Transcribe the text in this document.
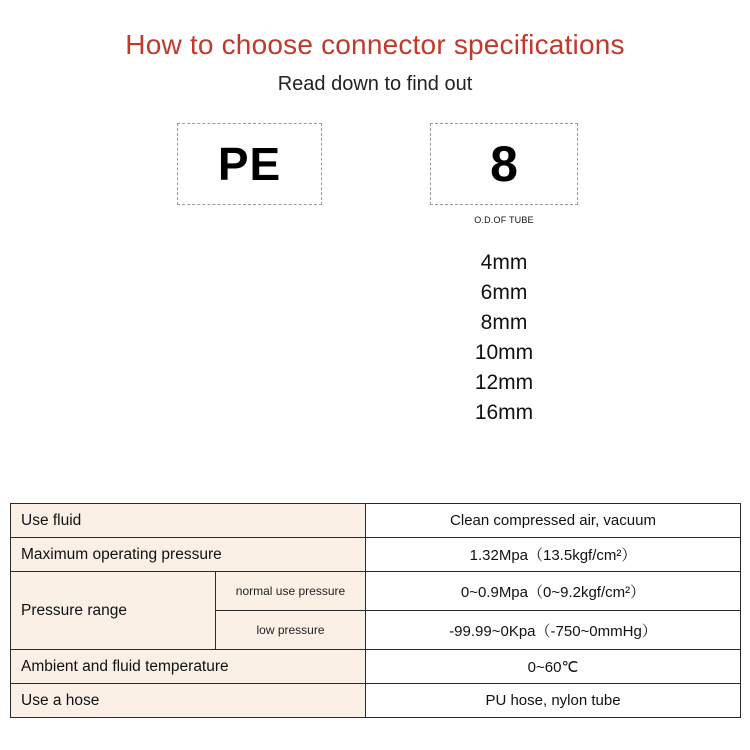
How to choose connector specifications

Read down to find out

PE	8
O.D.OF TUBE
4mm
6mm
8mm
10mm
12mm
16mm
Use fluid		Clean compressed air, vacuum
Maximum operating pressure		1.32Mpa（13.5kgf/cm²）
Pressure range	normal use pressure	0~0.9Mpa（0~9.2kgf/cm²）
	low pressure	-99.99~0Kpa（-750~0mmHg）
Ambient and fluid temperature		0~60℃
Use a hose		PU hose, nylon tube
